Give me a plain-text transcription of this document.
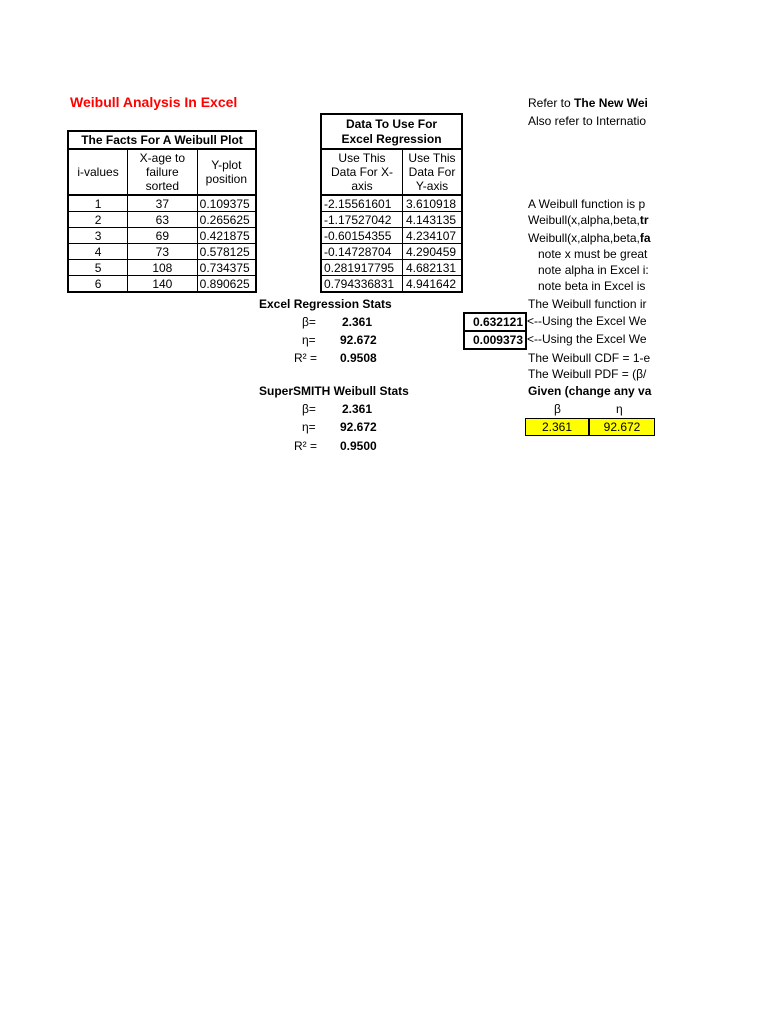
Weibull Analysis In Excel
The Facts For A Weibull Plot		
i-values	X-age to failure sorted	Y-plot position
1	37	0.109375
2	63	0.265625
3	69	0.421875
4	73	0.578125
5	108	0.734375
6	140	0.890625
Data To Use For Excel Regression	
Use This Data For X-axis	Use This Data For Y-axis
-2.15561601	3.610918
-1.17527042	4.143135
-0.60154355	4.234107
-0.14728704	4.290459
0.281917795	4.682131
0.794336831	4.941642
Excel Regression Stats
β= 2.361
η= 92.672
R² = 0.9508
SuperSMITH Weibull Stats
β= 2.361
η= 92.672
R² = 0.9500
0.632121 <--Using the Excel We
0.009373 <--Using the Excel We
Refer to The New Wei
Also refer to Internatio
A Weibull function is p
Weibull(x,alpha,beta,tr
Weibull(x,alpha,beta,fa
note x must be great
note alpha in Excel i:
note beta in Excel is
The Weibull function ir
The Weibull CDF = 1-e
The Weibull PDF = (β/
Given (change any va
β	η
2.361	92.672
